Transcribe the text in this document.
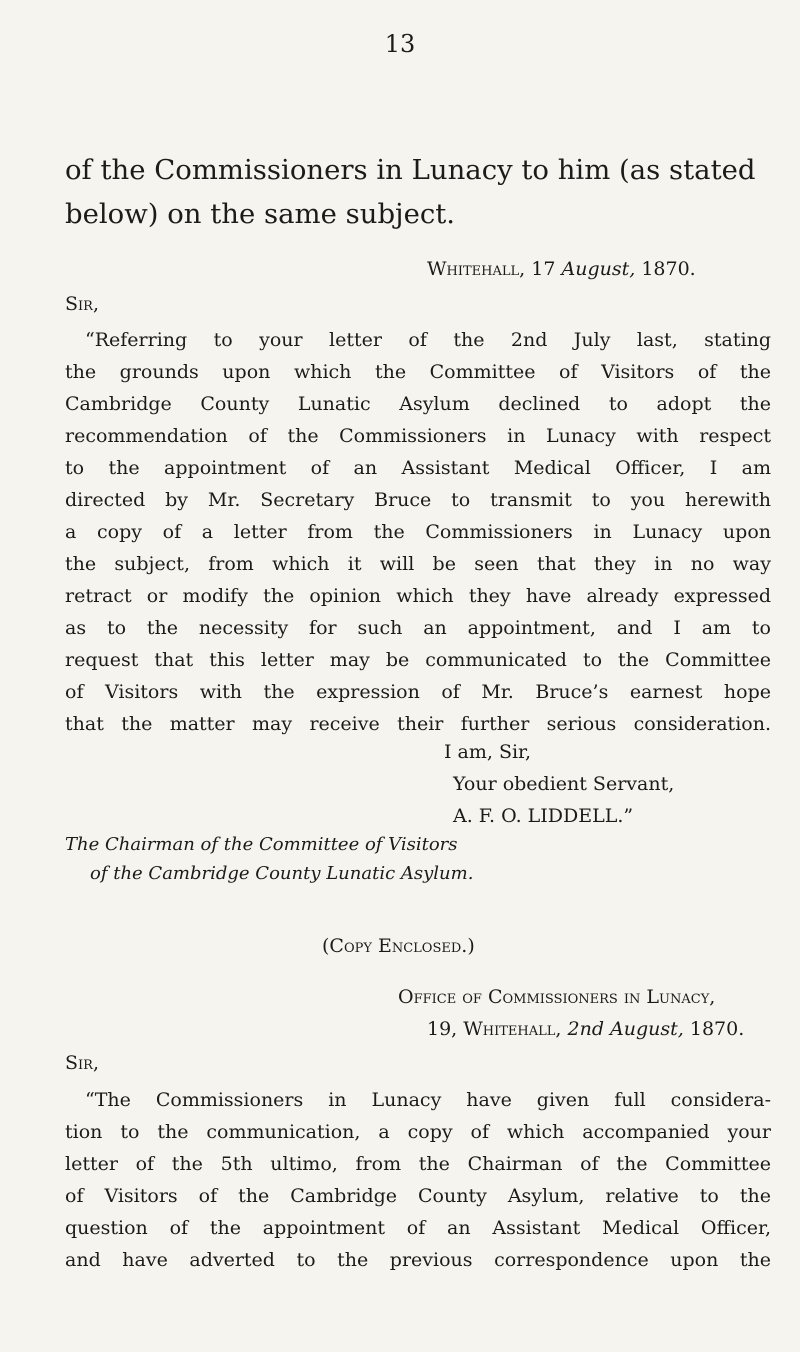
13
of the Commissioners in Lunacy to him (as stated
below) on the same subject.
Whitehall, 17 August, 1870.
Sir,
“Referring to your letter of the 2nd July last, stating
the grounds upon which the Committee of Visitors of the
Cambridge County Lunatic Asylum declined to adopt the
recommendation of the Commissioners in Lunacy with respect
to the appointment of an Assistant Medical Officer, I am
directed by Mr. Secretary Bruce to transmit to you herewith
a copy of a letter from the Commissioners in Lunacy upon
the subject, from which it will be seen that they in no way
retract or modify the opinion which they have already expressed
as to the necessity for such an appointment, and I am to
request that this letter may be communicated to the Committee
of Visitors with the expression of Mr. Bruce’s earnest hope
that the matter may receive their further serious consideration.
I am, Sir,
Your obedient Servant,
A. F. O. LIDDELL.”
The Chairman of the Committee of Visitors
of the Cambridge County Lunatic Asylum.
(Copy Enclosed.)
Office of Commissioners in Lunacy,
19, Whitehall, 2nd August, 1870.
Sir,
“The Commissioners in Lunacy have given full considera-
tion to the communication, a copy of which accompanied your
letter of the 5th ultimo, from the Chairman of the Committee
of Visitors of the Cambridge County Asylum, relative to the
question of the appointment of an Assistant Medical Officer,
and have adverted to the previous correspondence upon the
